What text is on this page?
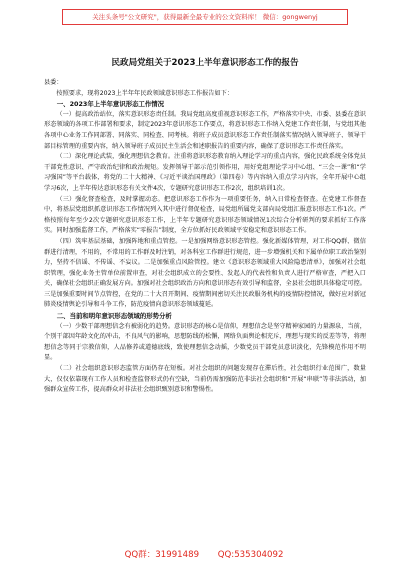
关注头条号"公文研究"，获得最新全最专业的公文资料库！ 微信：gongwenyj
民政局党组关于2023上半年意识形态工作的报告

县委：

按照要求，现将2023上半年年民政领域意识形态工作报告如下：

一、2023年上半年意识形态工作情况

（一）提高政治站位，落实意识形态责任制。我局党组高度重视意识形态工作，严格落实中央、市委、县委在意识形态领域的各项工作部署和要求，制定2023年意识形态工作要点，将意识形态工作纳入党建工作责任制，与党组其他各项中心业务工作同部署、同落实、同检查、同考核。将班子成员意识形态工作责任制落实情况纳入领导班子、领导干部目标管理的重要内容，纳入领导班子成员民主生活会和述职报告的重要内容，确保了意识形态工作责任落实。

（二）深化理论武装，强化理想信念教育。注重将意识形态教育纳入理论学习的重点内容，强化民政系统全体党员干部党性意识、严守政治纪律和政治规矩。发挥领导干部示范引领作用，用好党组理论学习中心组、“三会一课”和“学习强国”等平台载体，将党的二十大精神、《习近平谈治国理政》（第四卷）等内容纳入重点学习内容，全年开展中心组学习6次，上半年传达意识形态有关文件4次，专题研究意识形态工作2次，组织培训1次。

（三）强化督查检查，及时掌握动态。把意识形态工作作为一项重要任务，纳入日常检查督查。在党建工作督查中，将基层党组织抓意识形态工作情况列入其中进行督促检查，局党组所属党支部向局党组汇报意识形态工作1次。严格按照每年至少2次专题研究意识形态工作，上半年专题研究意识形态领域情况1次综合分析研判的要求抓好工作落实。同时加强监督工作，严格落实“零报告”制度，全方位抓好民政领域平安稳定和意识形态工作。

（四）筑牢基层基础，加强阵地和重点管控。一是加强网络意识形态管控。强化新媒体管理，对工作QQ群、微信群进行清理，不用的，不常用的工作群及时注销，对各科室工作群进行规范，进一步增强机关和下属单位职工政治鉴别力，坚持不信谣、不传谣、不妄议。二是加强重点风险管控。建立《意识形态领域重大风险隐患清单》，加强对社会组织管理，强化业务主管单位前置审查，对社会组织成立的会要性、发起人的代表性和负责人进行严格审查，严把入口关，确保社会组织正确发展方向。加强对社会组织政治方向和意识形态有效引导和监督，全县社会组织具体稳定可控。三是加强重要时间节点管控，在党的二十大召开期间、疫情期间密切关注民政服务机构的疫情防控情况，做好应对新冠肺炎疫情舆论引导和斗争工作，防范疫情向意识形态领域蔓延。

二、当前和明年意识形态领域的形势分析

（一）少数干部理想信念有被弱化的趋势。意识形态的核心是信仰，理想信念是坚守精神家园的力量源泉，当前，个别干部因年龄文化的冲击，不良风气的影响，思想防线的松懈，网络负面舆论相充斥，理想与现实的反差等等，将理想信念等同于宗教信仰，人品修养或道德底线，致使理想信念动摇，少数党员干部党员意识淡化，先锋模范作用不明显。

（二）社会组织意识形态监管方面仍存在短板。对社会组织的问题发现存在滞后性，社会组织行业范围广，数量大，仅仅依靠现有工作人员和检查监督形式仍有空缺，当前仍需加强防范非法社会组织和“开展“串联”等非法活动，加强群众宣传工作，提高群众对非法社会组织甄别意识和警惕性。

QQ群：31991489 QQ:535304092
